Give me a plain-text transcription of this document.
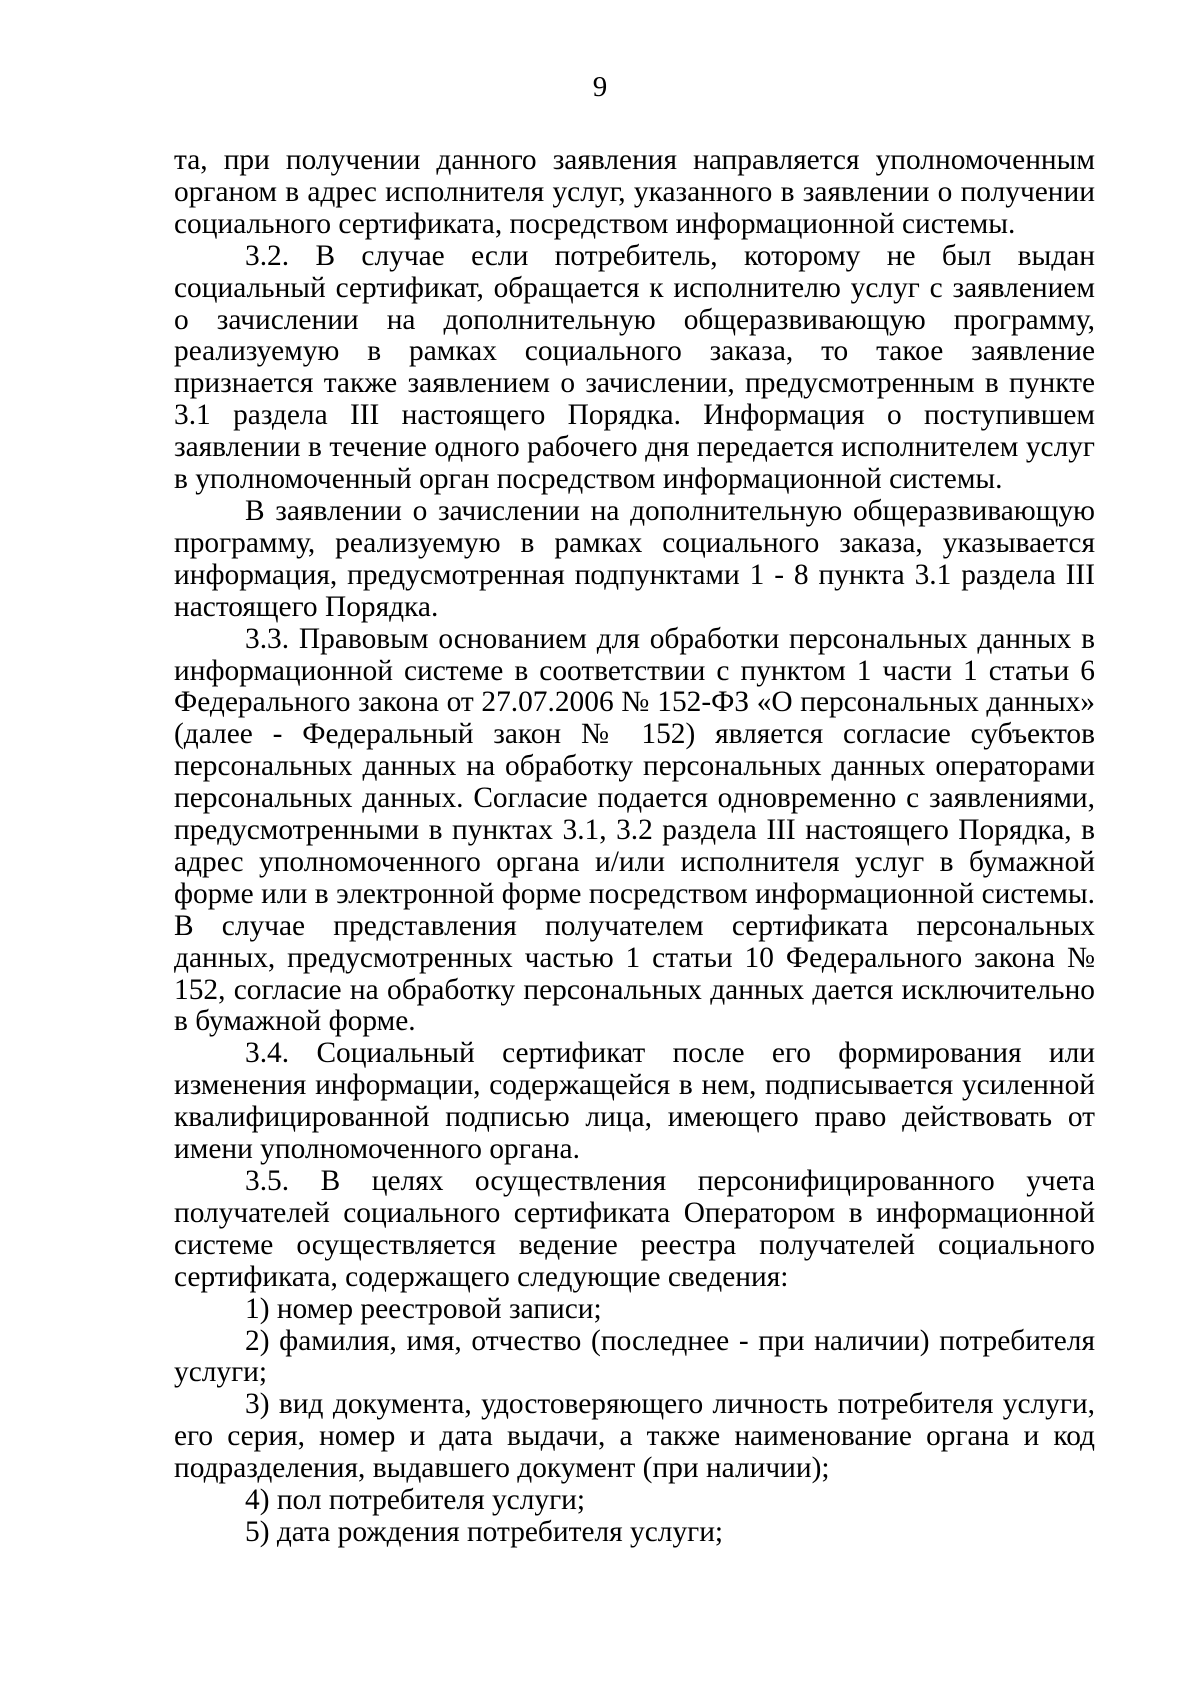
9

та, при получении данного заявления направляется уполномоченным органом в адрес исполнителя услуг, указанного в заявлении о получении социального сертификата, посредством информационной системы.

3.2. В случае если потребитель, которому не был выдан социальный сертификат, обращается к исполнителю услуг с заявлением о зачислении на дополнительную общеразвивающую программу, реализуемую в рамках социального заказа, то такое заявление признается также заявлением о зачислении, предусмотренным в пункте 3.1 раздела III настоящего Порядка. Информация о поступившем заявлении в течение одного рабочего дня передается исполнителем услуг в уполномоченный орган посредством информационной системы.

В заявлении о зачислении на дополнительную общеразвивающую программу, реализуемую в рамках социального заказа, указывается информация, предусмотренная подпунктами 1 - 8 пункта 3.1 раздела III настоящего Порядка.

3.3. Правовым основанием для обработки персональных данных в информационной системе в соответствии с пунктом 1 части 1 статьи 6 Федерального закона от 27.07.2006 № 152-ФЗ «О персональных данных» (далее - Федеральный закон № 152) является согласие субъектов персональных данных на обработку персональных данных операторами персональных данных. Согласие подается одновременно с заявлениями, предусмотренными в пунктах 3.1, 3.2 раздела III настоящего Порядка, в адрес уполномоченного органа и/или исполнителя услуг в бумажной форме или в электронной форме посредством информационной системы. В случае представления получателем сертификата персональных данных, предусмотренных частью 1 статьи 10 Федерального закона № 152, согласие на обработку персональных данных дается исключительно в бумажной форме.

3.4. Социальный сертификат после его формирования или изменения информации, содержащейся в нем, подписывается усиленной квалифицированной подписью лица, имеющего право действовать от имени уполномоченного органа.

3.5. В целях осуществления персонифицированного учета получателей социального сертификата Оператором в информационной системе осуществляется ведение реестра получателей социального сертификата, содержащего следующие сведения:

1) номер реестровой записи;

2) фамилия, имя, отчество (последнее - при наличии) потребителя услуги;

3) вид документа, удостоверяющего личность потребителя услуги, его серия, номер и дата выдачи, а также наименование органа и код подразделения, выдавшего документ (при наличии);

4) пол потребителя услуги;

5) дата рождения потребителя услуги;
